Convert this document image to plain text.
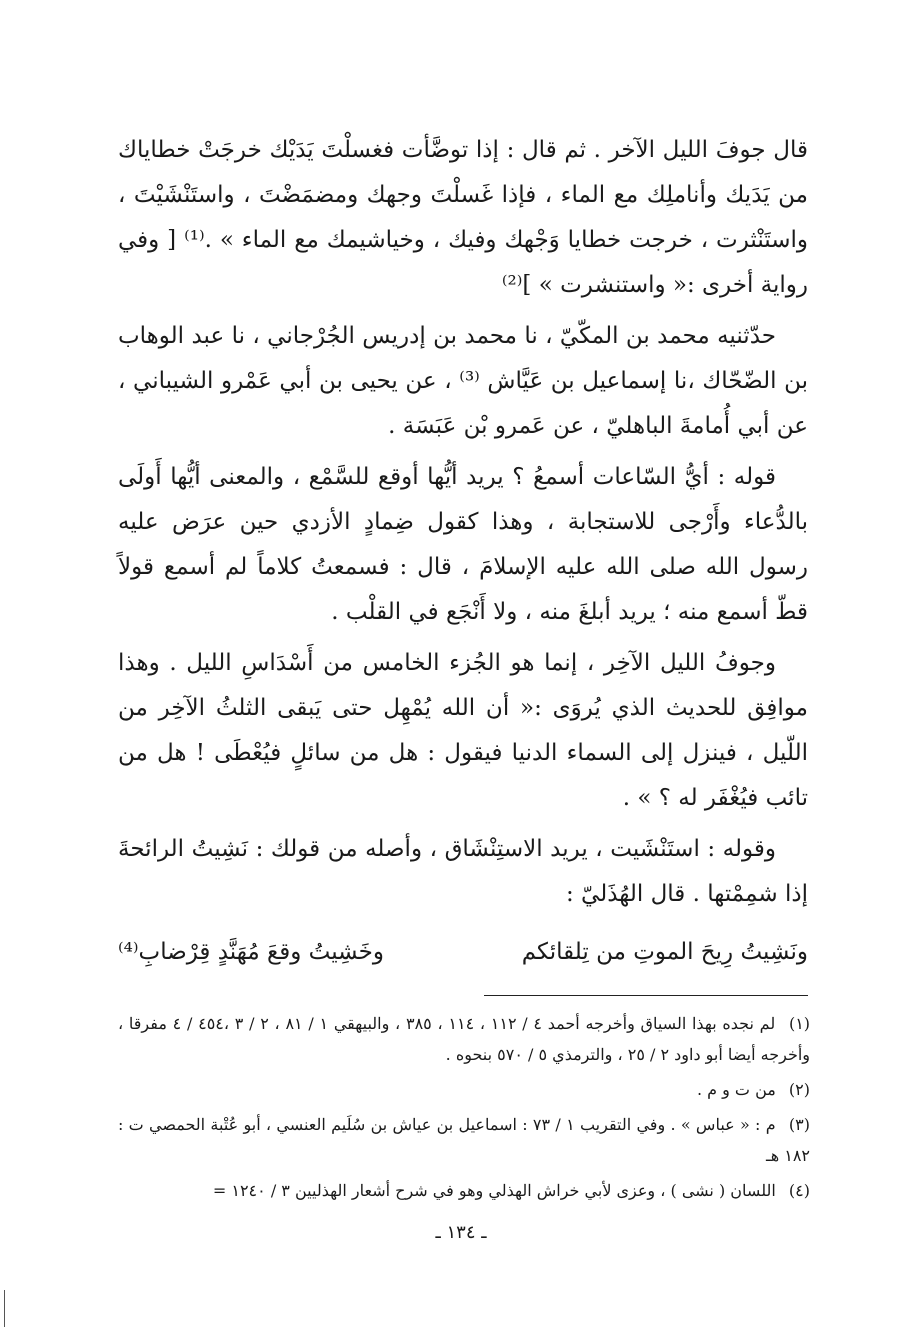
قال جوفَ الليل الآخر . ثم قال : إذا توضَّأت فغسلْتَ يَدَيْك خرجَتْ خطاياك من يَدَيك وأناملِك مع الماء ، فإذا غَسلْتَ وجهك ومضمَضْتَ ، واستَنْشَيْتَ ، واستَنْثرت ، خرجت خطايا وَجْهك وفيك ، وخياشيمك مع الماء » .⁽¹⁾ [ وفي رواية أخرى :« واستنشرت » ]⁽²⁾

حدّثنيه محمد بن المكّيّ ، نا محمد بن إدريس الجُرْجاني ، نا عبد الوهاب بن الضّحّاك ،نا إسماعيل بن عَيَّاش ⁽³⁾ ، عن يحيى بن أبي عَمْرو الشيباني ، عن أبي أُمامةَ الباهليّ ، عن عَمرو بْن عَبَسَة .

قوله : أيُّ السّاعات أسمعُ ؟ يريد أيُّها أوقع للسَّمْع ، والمعنى أيُّها أَولَى بالدُّعاء وأَرْجى للاستجابة ، وهذا كقول ضِمادٍ الأزدي حين عرَض عليه رسول الله صلى الله عليه الإسلامَ ، قال : فسمعتُ كلاماً لم أسمع قولاً قطّ أسمع منه ؛ يريد أبلغَ منه ، ولا أَنْجَع في القلْب .

وجوفُ الليل الآخِر ، إنما هو الجُزء الخامس من أَسْدَاسِ الليل . وهذا موافِق للحديث الذي يُروَى :« أن الله يُمْهِل حتى يَبقى الثلثُ الآخِر من اللّيل ، فينزل إلى السماء الدنيا فيقول : هل من سائلٍ فيُعْطَى ! هل من تائب فيُغْفَر له ؟ » .

وقوله : استَنْشَيت ، يريد الاستِنْشَاق ، وأصله من قولك : نَشِيتُ الرائحةَ إذا شمِمْتها . قال الهُذَليّ :

ونَشِيتُ رِيحَ الموتِ من تِلقائكم
وخَشِيتُ وقعَ مُهَنَّدٍ قِرْضابِ⁽⁴⁾

(١) لم نجده بهذا السياق وأخرجه أحمد ٤ / ١١٢ ، ١١٤ ، ٣٨٥ ، والبيهقي ١ / ٨١ ، ٢ / ٣ ،٤٥٤ / ٤ مفرقا ، وأخرجه أيضا أبو داود ٢ / ٢٥ ، والترمذي ٥ / ٥٧٠ بنحوه .

(٢) من ت و م .

(٣) م : « عباس » . وفي التقريب ١ / ٧٣ : اسماعيل بن عياش بن سُلَيم العنسي ، أبو عُتْبة الحمصي ت : ١٨٢ هـ

(٤) اللسان ( نشى ) ، وعزى لأبي خراش الهذلي وهو في شرح أشعار الهذليين ٣ / ١٢٤٠ =

ـ ١٣٤ ـ
